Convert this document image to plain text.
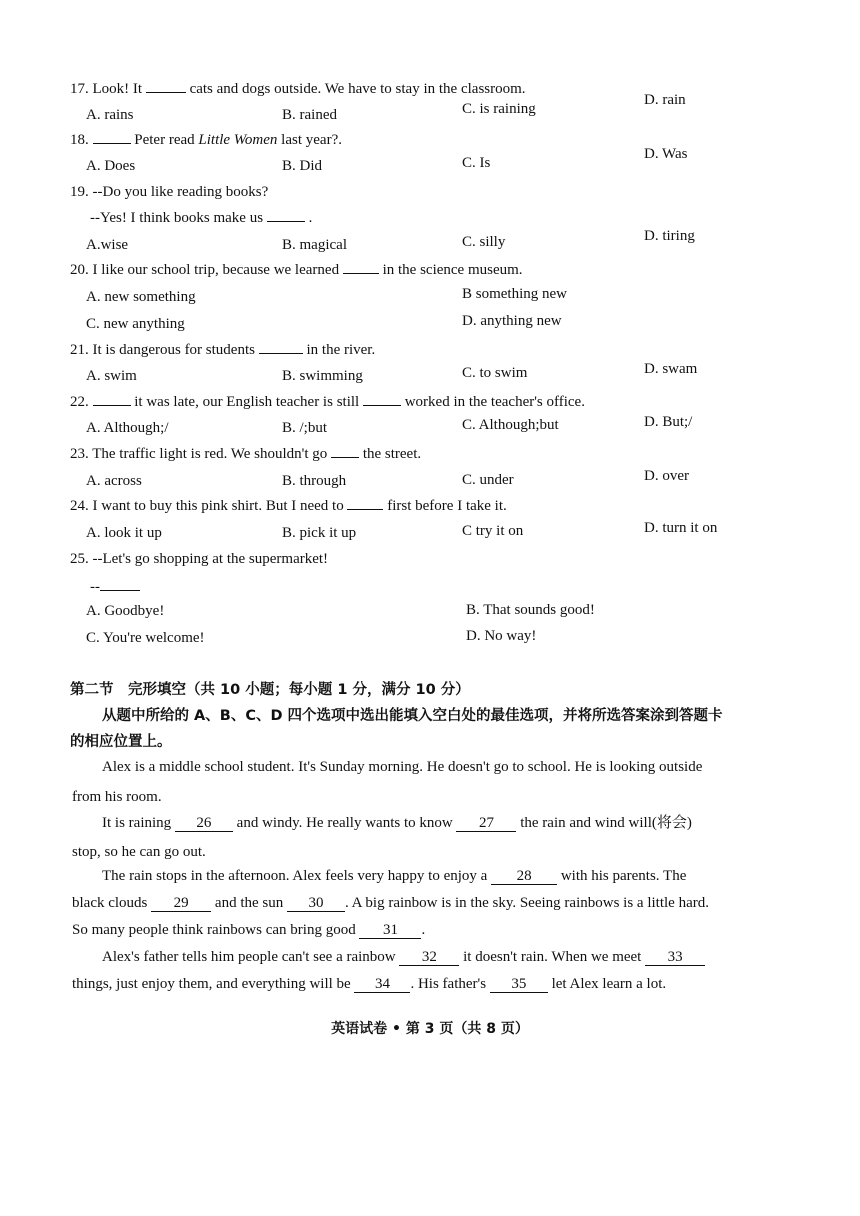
17. Look! It	cats and dogs outside. We have to stay in the classroom.
A. rains	B. rained	C. is raining
D. rain
18.	Peter read Little Women last year?.
A. Does	B. Did	C. Is
D. Was
19. --Do you like reading books?
--Yes! I think books make us	.
A.wise	B. magical	C. silly	D. tiring
20. I like our school trip, because we learned	in the science museum.
A. new something	B something new
C. new anything	D. anything new
21. It is dangerous for students	in the river.
A. swim	B. swimming	C. to swim	D. swam
22.	it was late, our English teacher is still	worked in the teacher's office.
A. Although;/	B. /;but	C. Although;but	D. But;/
23. The traffic light is red. We shouldn't go the street.
A. across	B. through	C. under	D. over
24. I want to buy this pink shirt. But I need to	first before I take it.
A. look it up	B. pick it up	C try it on	D. turn it on
25. --Let's go shopping at the supermarket!
--
A. Goodbye!	B. That sounds good!
C. You're welcome!	D. No way!
第二节　完形填空（共 10 小题；每小题 1 分，满分 10 分）
从题中所给的 A、B、C、D 四个选项中选出能填入空白处的最佳选项，并将所选答案涂到答题卡
的相应位置上。
Alex is a middle school student. It's Sunday morning. He doesn't go to school. He is looking outside
from his room.
It is raining 26 and windy. He really wants to know 27 the rain and wind will(将会)
stop, so he can go out.
The rain stops in the afternoon. Alex feels very happy to enjoy a 28 with his parents. The
black clouds 29 and the sun 30 . A big rainbow is in the sky. Seeing rainbows is a little hard.
So many people think rainbows can bring good 31 .
Alex's father tells him people can't see a rainbow 32 it doesn't rain. When we meet 33
things, just enjoy them, and everything will be 34 . His father's 35 let Alex learn a lot.
英语试卷 • 第 3 页（共 8 页）
